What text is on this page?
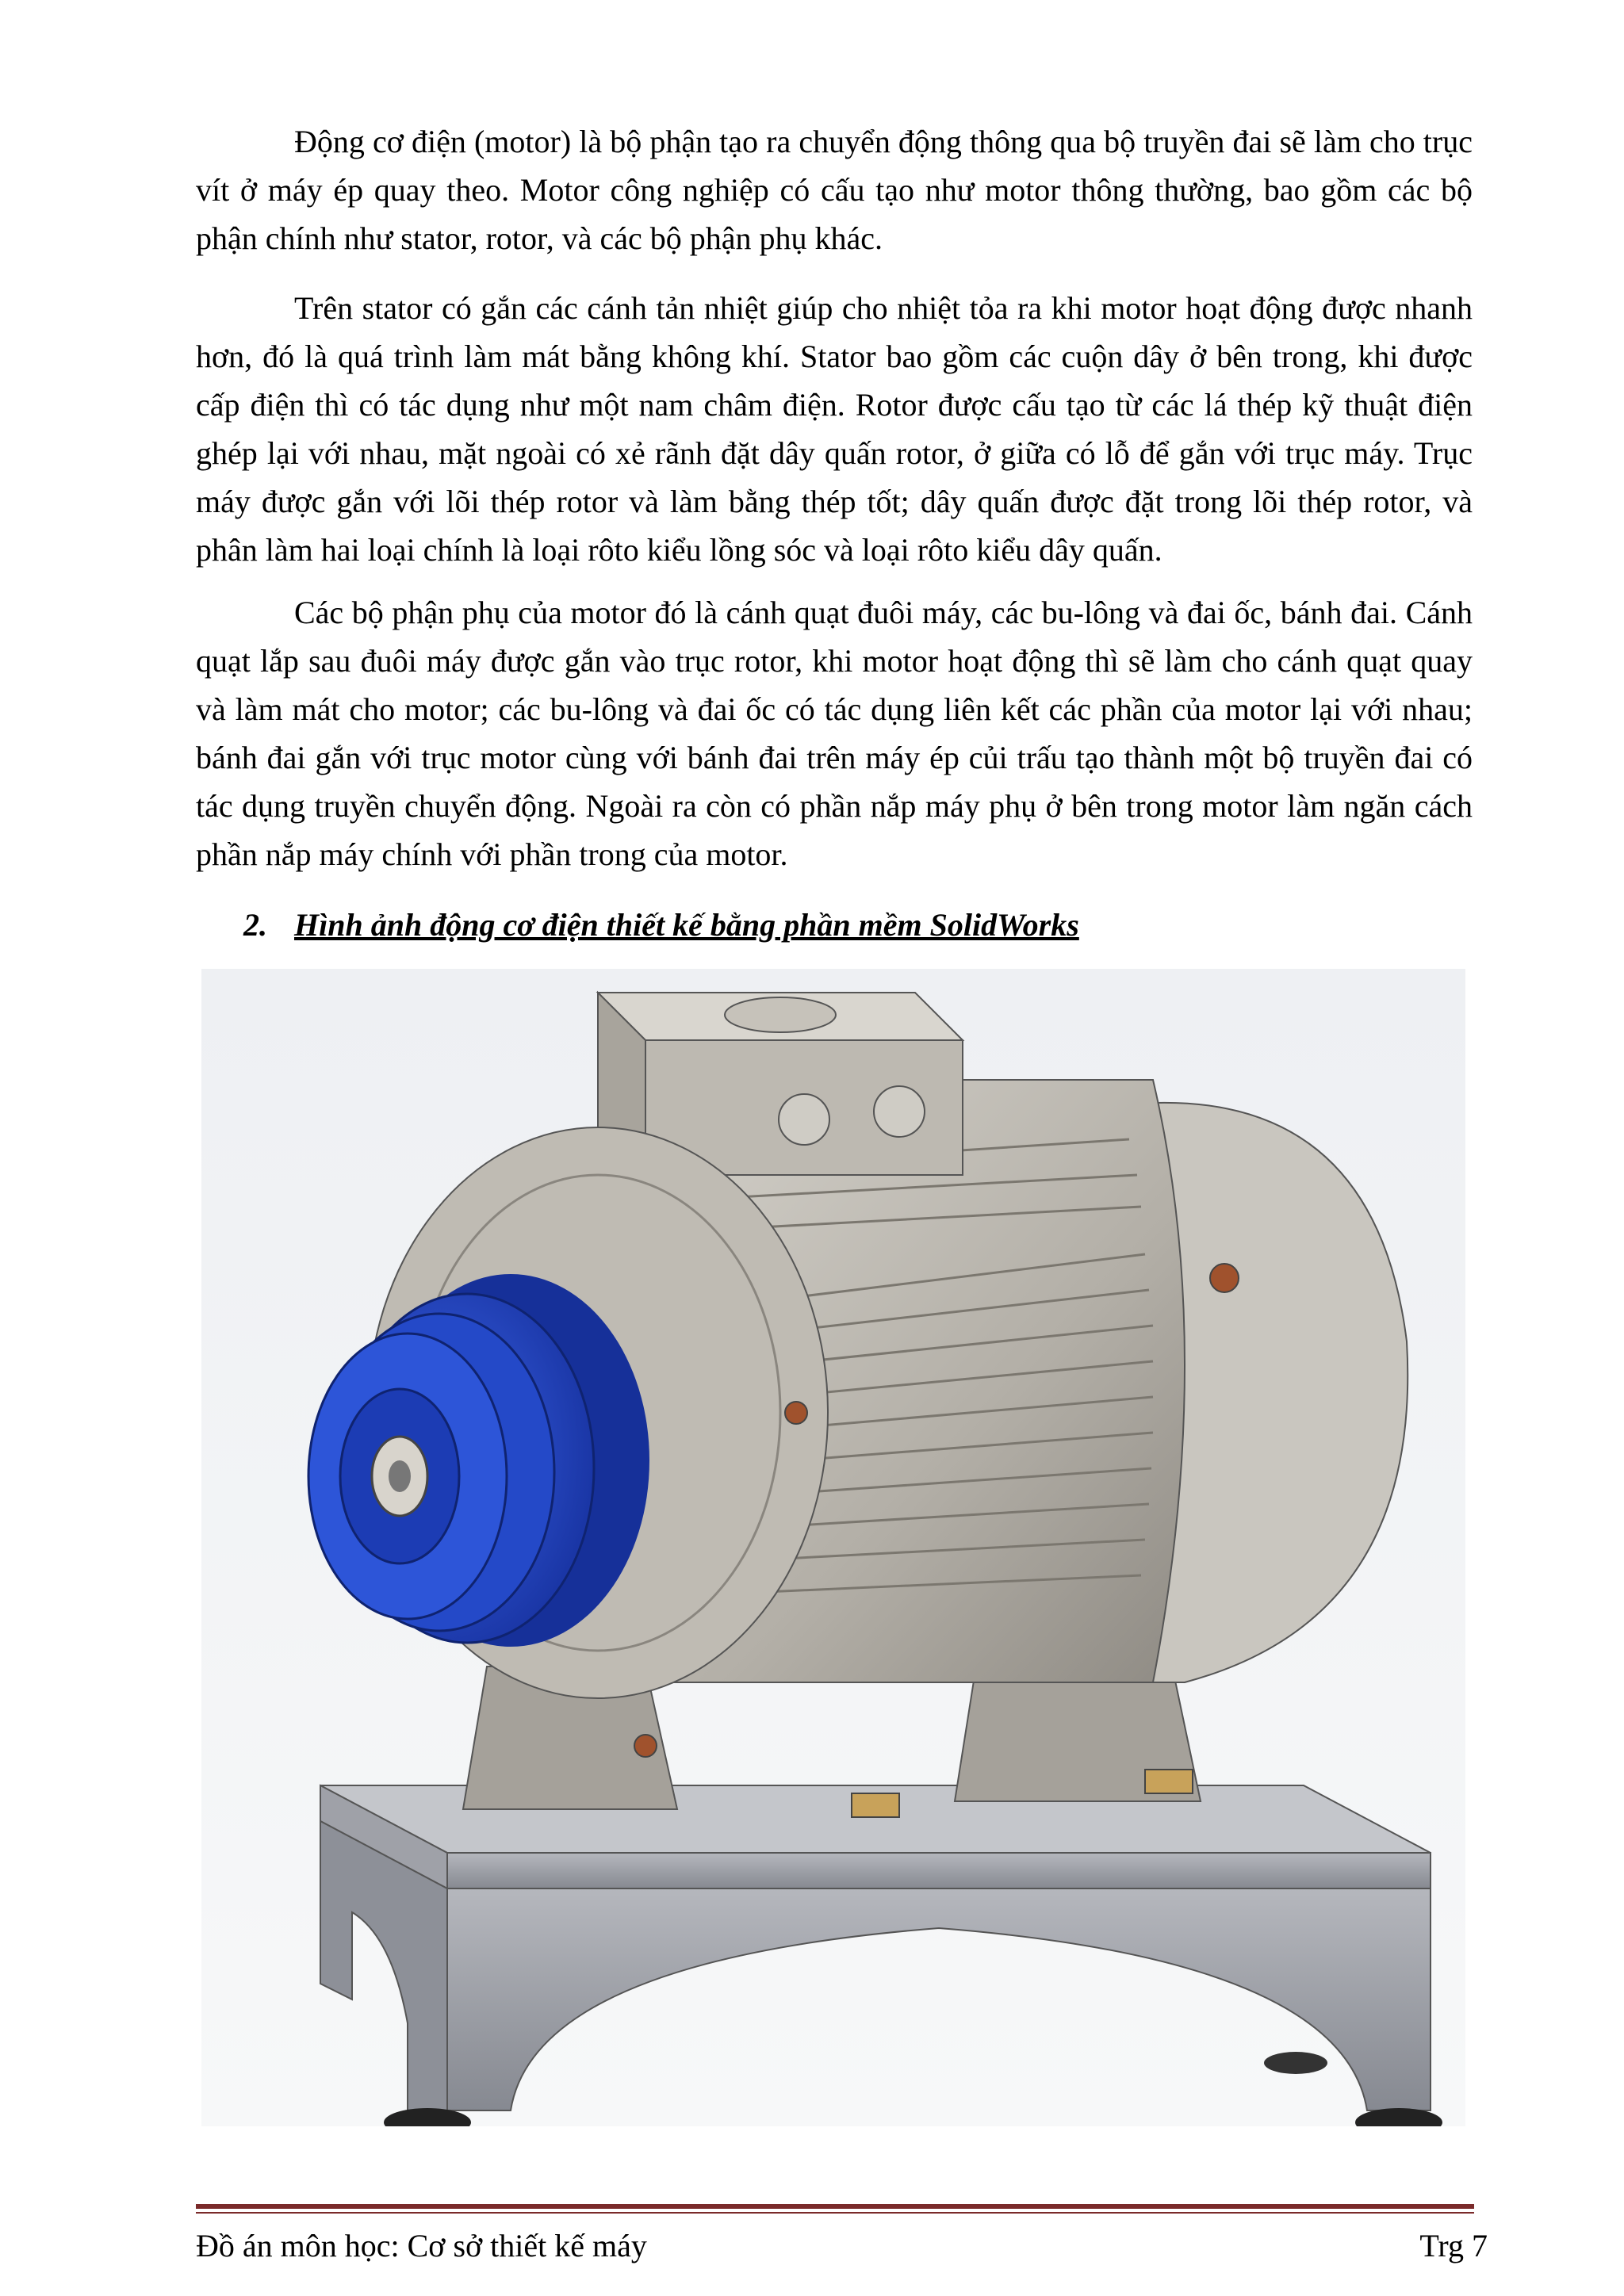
Động cơ điện (motor) là bộ phận tạo ra chuyển động thông qua bộ truyền đai sẽ làm cho trục vít ở máy ép quay theo. Motor công nghiệp có cấu tạo như motor thông thường, bao gồm các bộ phận chính như stator, rotor, và các bộ phận phụ khác.

Trên stator có gắn các cánh tản nhiệt giúp cho nhiệt tỏa ra khi motor hoạt động được nhanh hơn, đó là quá trình làm mát bằng không khí. Stator bao gồm các cuộn dây ở bên trong, khi được cấp điện thì có tác dụng như một nam châm điện. Rotor được cấu tạo từ các lá thép kỹ thuật điện ghép lại với nhau, mặt ngoài có xẻ rãnh đặt dây quấn rotor, ở giữa có lỗ để gắn với trục máy. Trục máy được gắn với lõi thép rotor và làm bằng thép tốt; dây quấn được đặt trong lõi thép rotor, và phân làm hai loại chính là loại rôto kiểu lồng sóc và loại rôto kiểu dây quấn.

Các bộ phận phụ của motor đó là cánh quạt đuôi máy, các bu-lông và đai ốc, bánh đai. Cánh quạt lắp sau đuôi máy được gắn vào trục rotor, khi motor hoạt động thì sẽ làm cho cánh quạt quay và làm mát cho motor; các bu-lông và đai ốc có tác dụng liên kết các phần của motor lại với nhau; bánh đai gắn với trục motor cùng với bánh đai trên máy ép củi trấu tạo thành một bộ truyền đai có tác dụng truyền chuyển động. Ngoài ra còn có phần nắp máy phụ ở bên trong motor làm ngăn cách phần nắp máy chính với phần trong của motor.

2. Hình ảnh động cơ điện thiết kế bằng phần mềm SolidWorks

Đồ án môn học: Cơ sở thiết kế máy	Trg 7
